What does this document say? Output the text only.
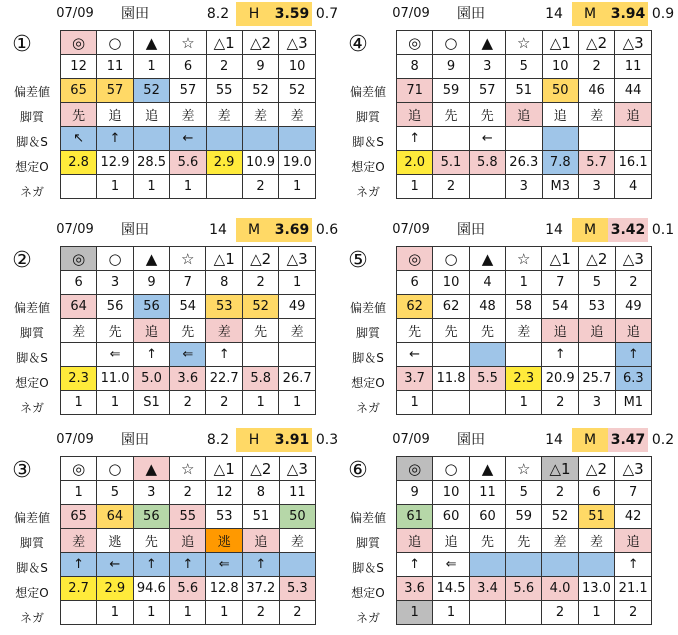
07/09	園田	8.2	H	3.59 0.7
①
偏差値
脚質
脚＆S
想定O
ネガ
◎	○	▲	☆	△1	△2	△3
12	11	1	6	2	9	10
65	57	52	57	55	52	52
先	追	追	差	差	差	差
↖	↑		←			
2.8	12.9	28.5	5.6	2.9	10.9	19.0
	1	1	1		2	1
07/09	園田	14	M	3.94 0.9
④
偏差値
脚質
脚＆S
想定O
ネガ
◎	○	▲	☆	△1	△2	△3
8	9	3	5	10	2	11
71	59	57	51	50	46	44
追	先	先	追	追	差	追
↑		←				
2.0	5.1	5.8	26.3	7.8	5.7	16.1
1	2		3	M3	3	4
07/09	園田	14	M	3.69 0.6
②
偏差値
脚質
脚＆S
想定O
ネガ
◎	○	▲	☆	△1	△2	△3
6	3	9	7	8	2	1
64	56	56	54	53	52	49
差	先	追	先	差	先	差
	⇐	↑	⇐	↑		
2.3	11.0	5.0	3.6	22.7	5.8	26.7
1	1	S1	2	2	1	1
07/09	園田	14	M	3.42 0.1
⑤
偏差値
脚質
脚＆S
想定O
ネガ
◎	○	▲	☆	△1	△2	△3
6	10	4	1	7	5	2
62	62	48	58	54	53	49
先	先	先	差	追	追	追
←				↑		↑
3.7	11.8	5.5	2.3	20.9	25.7	6.3
1			1	2	3	M1
07/09	園田	8.2	H	3.91 0.3
③
偏差値
脚質
脚＆S
想定O
ネガ
◎	○	▲	☆	△1	△2	△3
1	5	3	2	12	8	11
65	64	56	55	53	51	50
差	逃	先	追	逃	追	差
↑	←	↑	↑	⇐	↑	
2.7	2.9	94.6	5.6	12.8	37.2	5.3
	1	1	1	1	2	2
07/09	園田	14	M	3.47 0.2
⑥
偏差値
脚質
脚＆S
想定O
ネガ
◎	○	▲	☆	△1	△2	△3
9	10	11	5	2	6	7
61	60	60	59	52	51	42
追	追	先	先	差	差	追
↑	⇐					↑
3.6	14.5	3.4	5.6	4.0	13.0	21.1
1	1			2	1	2
